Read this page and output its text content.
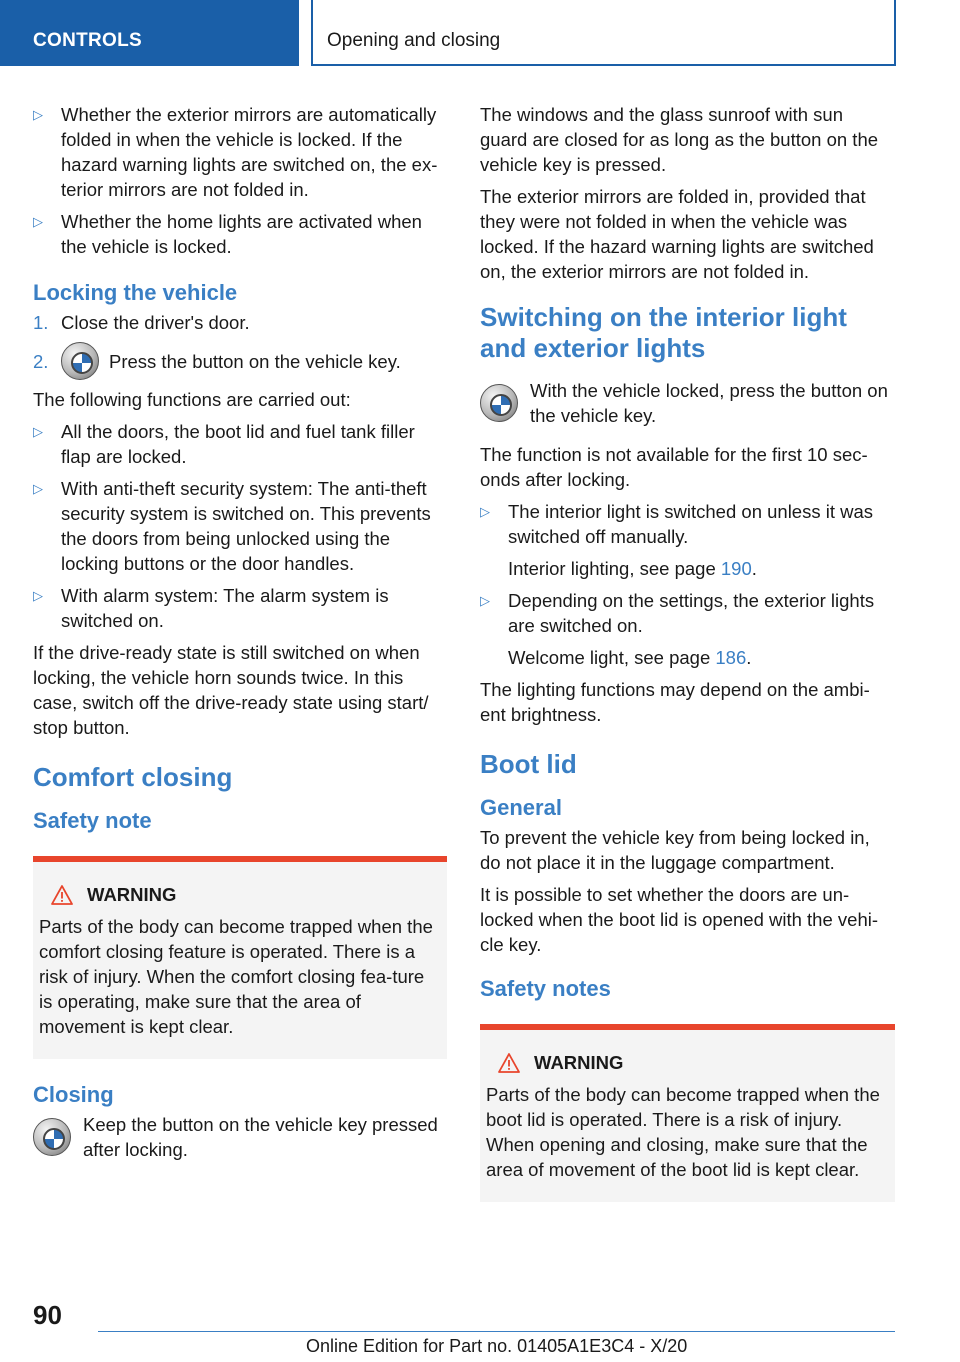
CONTROLS	Opening and closing
▷ Whether the exterior mirrors are automatically folded in when the vehicle is locked. If the hazard warning lights are switched on, the ex‐terior mirrors are not folded in.
▷ Whether the home lights are activated when the vehicle is locked.
Locking the vehicle
1. Close the driver's door.
2.	Press the button on the vehicle key.

The following functions are carried out:

▷ All the doors, the boot lid and fuel tank filler flap are locked.
▷ With anti-theft security system: The anti-theft security system is switched on. This prevents the doors from being unlocked using the locking buttons or the door handles.
▷ With alarm system: The alarm system is switched on.

If the drive-ready state is still switched on when locking, the vehicle horn sounds twice. In this case, switch off the drive-ready state using start/ stop button.

Comfort closing
Safety note
WARNING

Parts of the body can become trapped when the comfort closing feature is operated. There is a risk of injury. When the comfort closing fea‐ture is operating, make sure that the area of movement is kept clear.

Closing

Keep the button on the vehicle key pressed after locking.

The windows and the glass sunroof with sun guard are closed for as long as the button on the vehicle key is pressed.

The exterior mirrors are folded in, provided that they were not folded in when the vehicle was locked. If the hazard warning lights are switched on, the exterior mirrors are not folded in.

Switching on the interior light and exterior lights

With the vehicle locked, press the button on the vehicle key.

The function is not available for the first 10 sec‐onds after locking.

▷ The interior light is switched on unless it was switched off manually.

Interior lighting, see page 190.

▷ Depending on the settings, the exterior lights are switched on.

Welcome light, see page 186.

The lighting functions may depend on the ambi‐ent brightness.

Boot lid
General

To prevent the vehicle key from being locked in, do not place it in the luggage compartment.

It is possible to set whether the doors are un‐locked when the boot lid is opened with the vehi‐cle key.

Safety notes
WARNING

Parts of the body can become trapped when the boot lid is operated. There is a risk of injury. When opening and closing, make sure that the area of movement of the boot lid is kept clear.

90
Online Edition for Part no. 01405A1E3C4 - X/20
